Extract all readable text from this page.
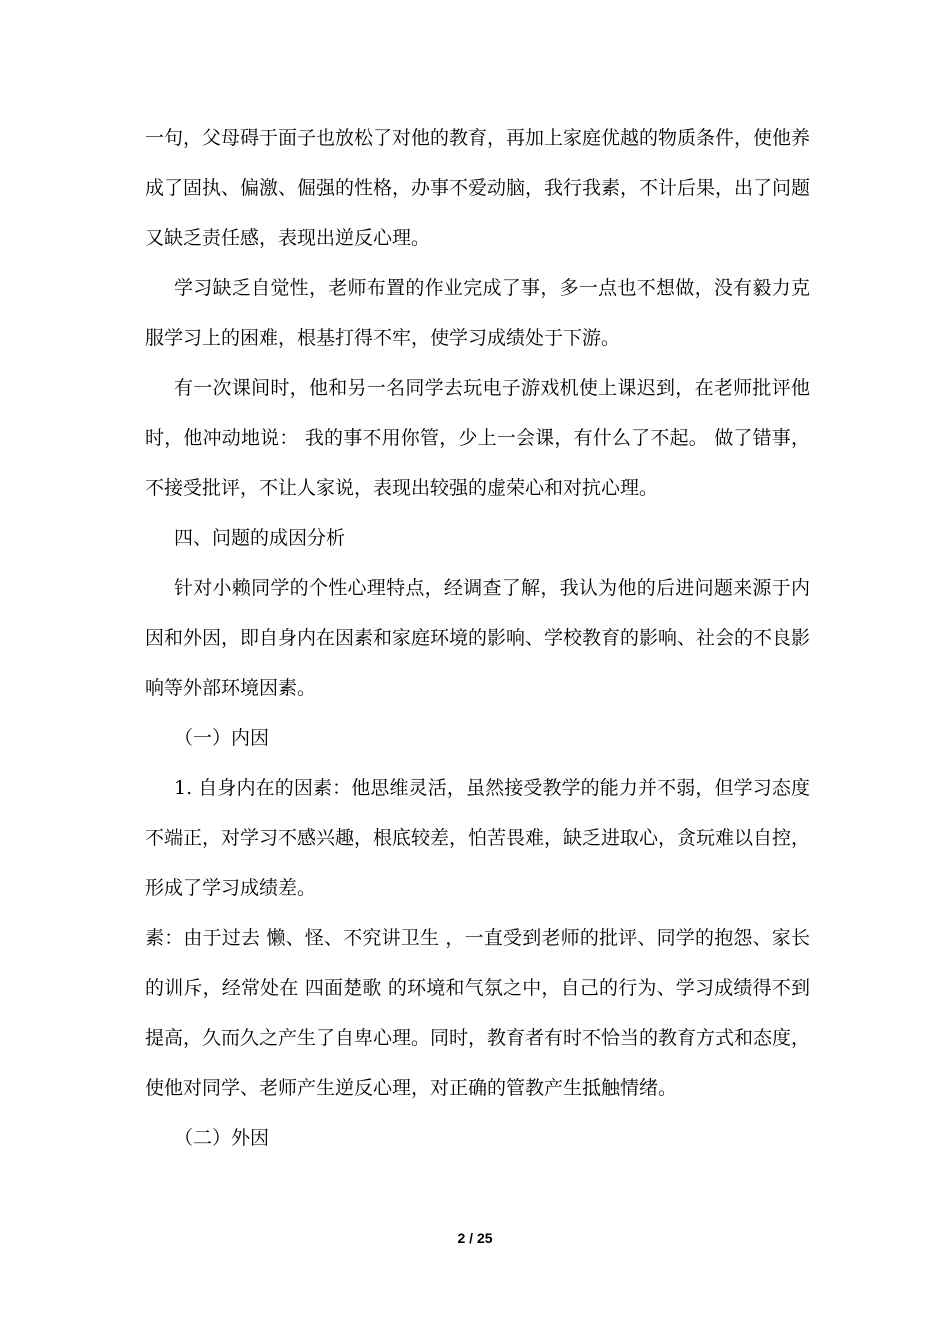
一句，父母碍于面子也放松了对他的教育，再加上家庭优越的物质条件，使他养
成了固执、偏激、倔强的性格，办事不爱动脑，我行我素，不计后果，出了问题
又缺乏责任感，表现出逆反心理。
学习缺乏自觉性，老师布置的作业完成了事，多一点也不想做，没有毅力克
服学习上的困难，根基打得不牢，使学习成绩处于下游。
有一次课间时，他和另一名同学去玩电子游戏机使上课迟到，在老师批评他
时，他冲动地说： 我的事不用你管，少上一会课，有什么了不起。 做了错事，
不接受批评，不让人家说，表现出较强的虚荣心和对抗心理。
四、问题的成因分析
针对小赖同学的个性心理特点，经调查了解，我认为他的后进问题来源于内
因和外因，即自身内在因素和家庭环境的影响、学校教育的影响、社会的不良影
响等外部环境因素。
（一）内因
1. 自身内在的因素：他思维灵活，虽然接受教学的能力并不弱，但学习态度
不端正，对学习不感兴趣，根底较差，怕苦畏难，缺乏进取心，贪玩难以自控，
形成了学习成绩差。
素：由于过去 懒、怪、不究讲卫生 ，一直受到老师的批评、同学的抱怨、家长
的训斥，经常处在 四面楚歌 的环境和气氛之中，自己的行为、学习成绩得不到
提高，久而久之产生了自卑心理。同时，教育者有时不恰当的教育方式和态度，
使他对同学、老师产生逆反心理，对正确的管教产生抵触情绪。
（二）外因
2 / 25
